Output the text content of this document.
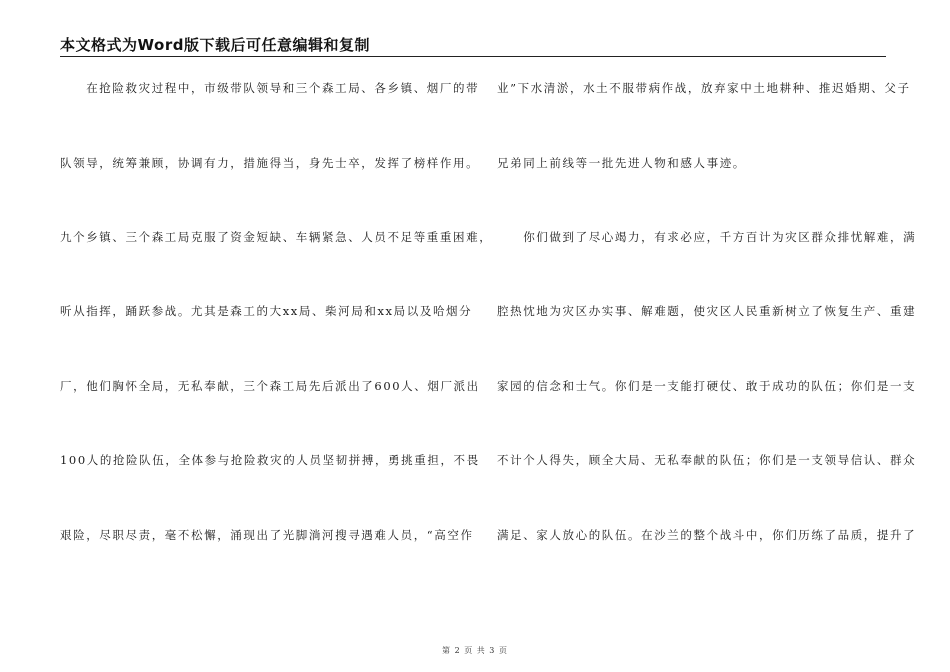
本文格式为Word版下载后可任意编辑和复制
　　在抢险救灾过程中，市级带队领导和三个森工局、各乡镇、烟厂的带
队领导，统筹兼顾，协调有力，措施得当，身先士卒，发挥了榜样作用。
九个乡镇、三个森工局克服了资金短缺、车辆紧急、人员不足等重重困难，
听从指挥，踊跃参战。尤其是森工的大xx局、柴河局和xx局以及哈烟分
厂，他们胸怀全局，无私奉献，三个森工局先后派出了600人、烟厂派出
100人的抢险队伍，全体参与抢险救灾的人员坚韧拼搏，勇挑重担，不畏
艰险，尽职尽责，毫不松懈，涌现出了光脚淌河搜寻遇难人员，“高空作
业”下水清淤，水土不服带病作战，放弃家中土地耕种、推迟婚期、父子
兄弟同上前线等一批先进人物和感人事迹。
　　你们做到了尽心竭力，有求必应，千方百计为灾区群众排忧解难，满
腔热忱地为灾区办实事、解难题，使灾区人民重新树立了恢复生产、重建
家园的信念和士气。你们是一支能打硬仗、敢于成功的队伍；你们是一支
不计个人得失，顾全大局、无私奉献的队伍；你们是一支领导信认、群众
满足、家人放心的队伍。在沙兰的整个战斗中，你们历练了品质，提升了
第 2 页 共 3 页
